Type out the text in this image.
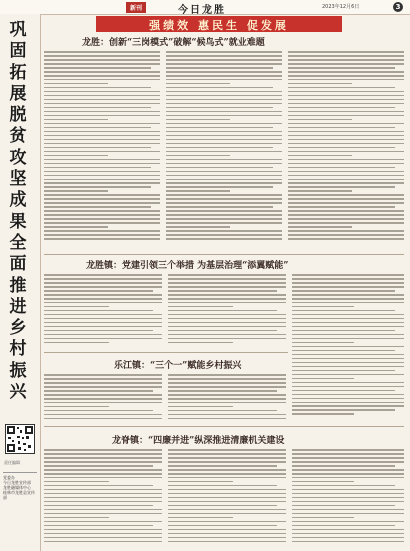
新刊	今日龙胜	2023年12月6日	3
巩固拓展脱贫攻坚成果全面推进乡村振兴
责任编辑
党委办
今日龙胜宣传部
龙胜融媒体中心
桂林市龙胜县宣传部
强绩效 惠民生 促发展
龙胜：创新“三岗模式”破解“候鸟式”就业难题
龙胜镇：党建引领三个举措 为基层治理“添翼赋能”
乐江镇：“三个一”赋能乡村振兴
龙脊镇：“四廉并进”纵深推进清廉机关建设
